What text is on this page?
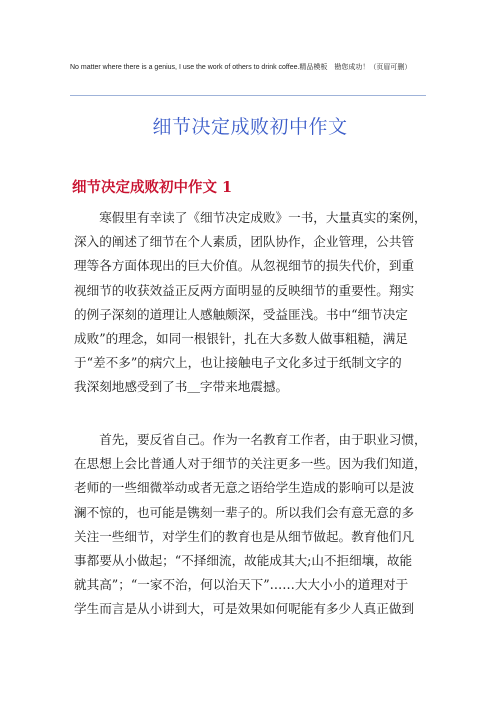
No matter where there is a genius, I use the work of others to drink coffee.精品模板　勘您成功！（页眉可删）
细节决定成败初中作文
细节决定成败初中作文 1
　　寒假里有幸读了《细节决定成败》一书，大量真实的案例，
深入的阐述了细节在个人素质，团队协作，企业管理，公共管
理等各方面体现出的巨大价值。从忽视细节的损失代价，到重
视细节的收获效益正反两方面明显的反映细节的重要性。翔实
的例子深刻的道理让人感触颇深，受益匪浅。书中“细节决定
成败”的理念，如同一根银针，扎在大多数人做事粗糙，满足
于“差不多”的病穴上，也让接触电子文化多过于纸制文字的
我深刻地感受到了书＿字带来地震撼。
　　首先，要反省自己。作为一名教育工作者，由于职业习惯，
在思想上会比普通人对于细节的关注更多一些。因为我们知道，
老师的一些细微举动或者无意之语给学生造成的影响可以是波
澜不惊的，也可能是镌刻一辈子的。所以我们会有意无意的多
关注一些细节，对学生们的教育也是从细节做起。教育他们凡
事都要从小做起；“不择细流，故能成其大;山不拒细壤，故能
就其高”；“一家不治，何以治天下”……大大小小的道理对于
学生而言是从小讲到大，可是效果如何呢能有多少人真正做到
